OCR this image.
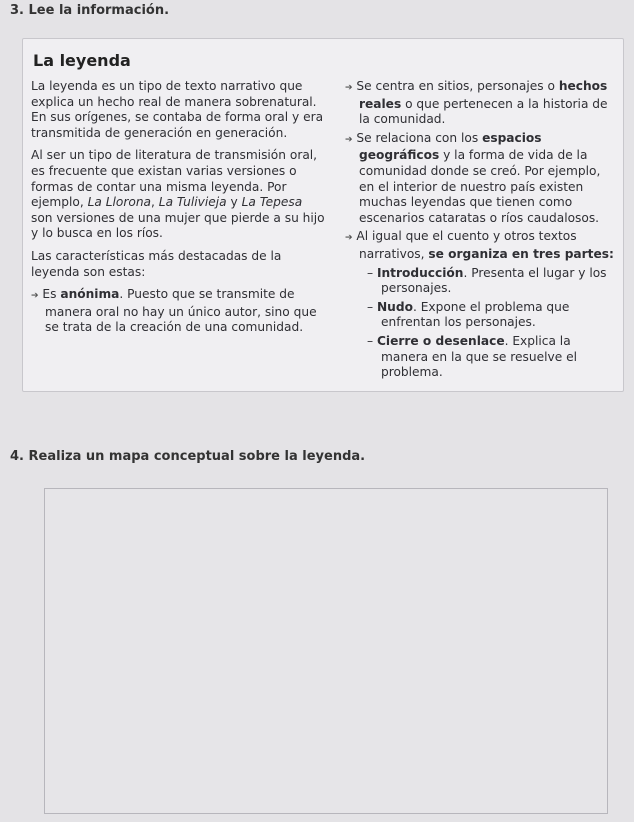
3. Lee la información.
La leyenda

La leyenda es un tipo de texto narrativo que explica un hecho real de manera sobrenatural. En sus orígenes, se contaba de forma oral y era transmitida de generación en generación.

Al ser un tipo de literatura de transmisión oral, es frecuente que existan varias versiones o formas de contar una misma leyenda. Por ejemplo, La Llorona, La Tulivieja y La Tepesa son versiones de una mujer que pierde a su hijo y lo busca en los ríos.

Las características más destacadas de la leyenda son estas:

➔ Es anónima. Puesto que se transmite de manera oral no hay un único autor, sino que se trata de la creación de una comunidad.
➔ Se centra en sitios, personajes o hechos reales o que pertenecen a la historia de la comunidad.
➔ Se relaciona con los espacios geográficos y la forma de vida de la comunidad donde se creó. Por ejemplo, en el interior de nuestro país existen muchas leyendas que tienen como escenarios cataratas o ríos caudalosos.
➔ Al igual que el cuento y otros textos narrativos, se organiza en tres partes:
– Introducción. Presenta el lugar y los personajes.
– Nudo. Expone el problema que enfrentan los personajes.
– Cierre o desenlace. Explica la manera en la que se resuelve el problema.
4. Realiza un mapa conceptual sobre la leyenda.
